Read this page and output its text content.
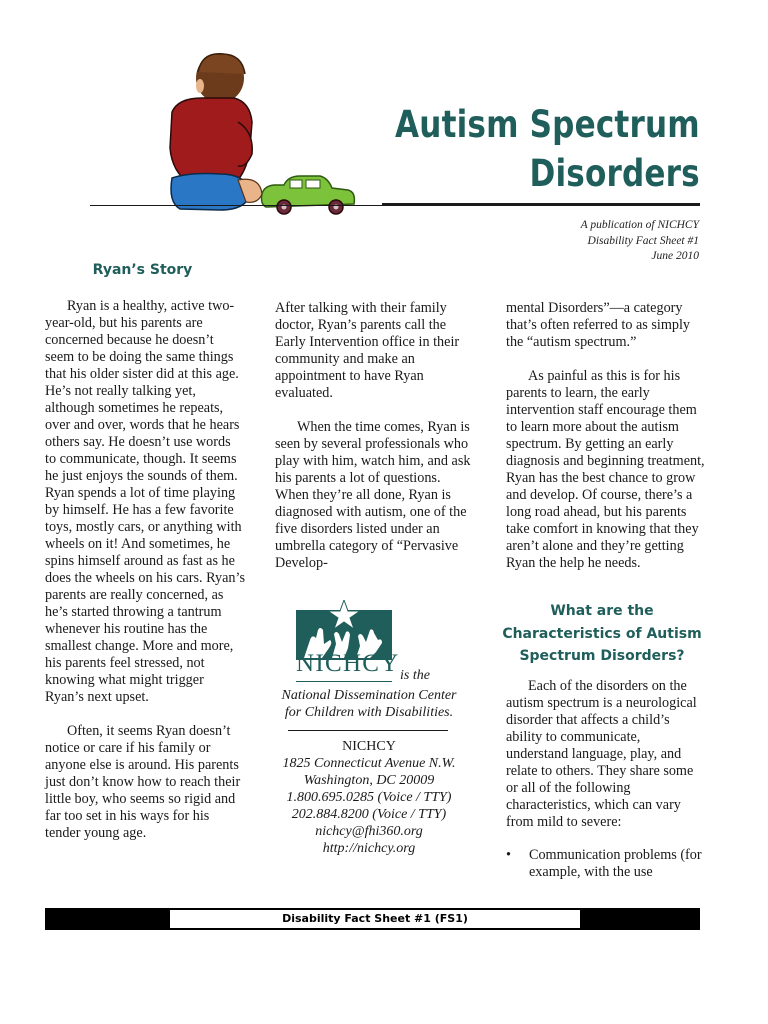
Autism Spectrum
Disorders
A publication of NICHCY
Disability Fact Sheet #1
June 2010
Ryan’s Story

Ryan is a healthy, active two-year-old, but his parents are concerned because he doesn’t seem to be doing the same things that his older sister did at this age. He’s not really talking yet, although sometimes he repeats, over and over, words that he hears others say. He doesn’t use words to communicate, though. It seems he just enjoys the sounds of them. Ryan spends a lot of time playing by himself. He has a few favorite toys, mostly cars, or anything with wheels on it! And sometimes, he spins himself around as fast as he does the wheels on his cars. Ryan’s parents are really concerned, as he’s started throwing a tantrum whenever his routine has the smallest change. More and more, his parents feel stressed, not knowing what might trigger Ryan’s next upset.

Often, it seems Ryan doesn’t notice or care if his family or anyone else is around. His parents just don’t know how to reach their little boy, who seems so rigid and far too set in his ways for his tender young age.

After talking with their family doctor, Ryan’s parents call the Early Intervention office in their community and make an appointment to have Ryan evaluated.

When the time comes, Ryan is seen by several professionals who play with him, watch him, and ask his parents a lot of questions. When they’re all done, Ryan is diagnosed with autism, one of the five disorders listed under an umbrella category of “Pervasive Develop-

NICHCY is the
National Dissemination Center
for Children with Disabilities.
NICHCY
1825 Connecticut Avenue N.W.
Washington, DC 20009
1.800.695.0285 (Voice / TTY)
202.884.8200 (Voice / TTY)
nichcy@fhi360.org
http://nichcy.org

mental Disorders”—a category that’s often referred to as simply the “autism spectrum.”

As painful as this is for his parents to learn, the early intervention staff encourage them to learn more about the autism spectrum. By getting an early diagnosis and beginning treatment, Ryan has the best chance to grow and develop. Of course, there’s a long road ahead, but his parents take comfort in knowing that they aren’t alone and they’re getting Ryan the help he needs.

What are the Characteristics of Autism Spectrum Disorders?

Each of the disorders on the autism spectrum is a neurological disorder that affects a child’s ability to communicate, understand language, play, and relate to others. They share some or all of the following characteristics, which can vary from mild to severe:

• Communication problems (for example, with the use
Disability Fact Sheet #1 (FS1)
